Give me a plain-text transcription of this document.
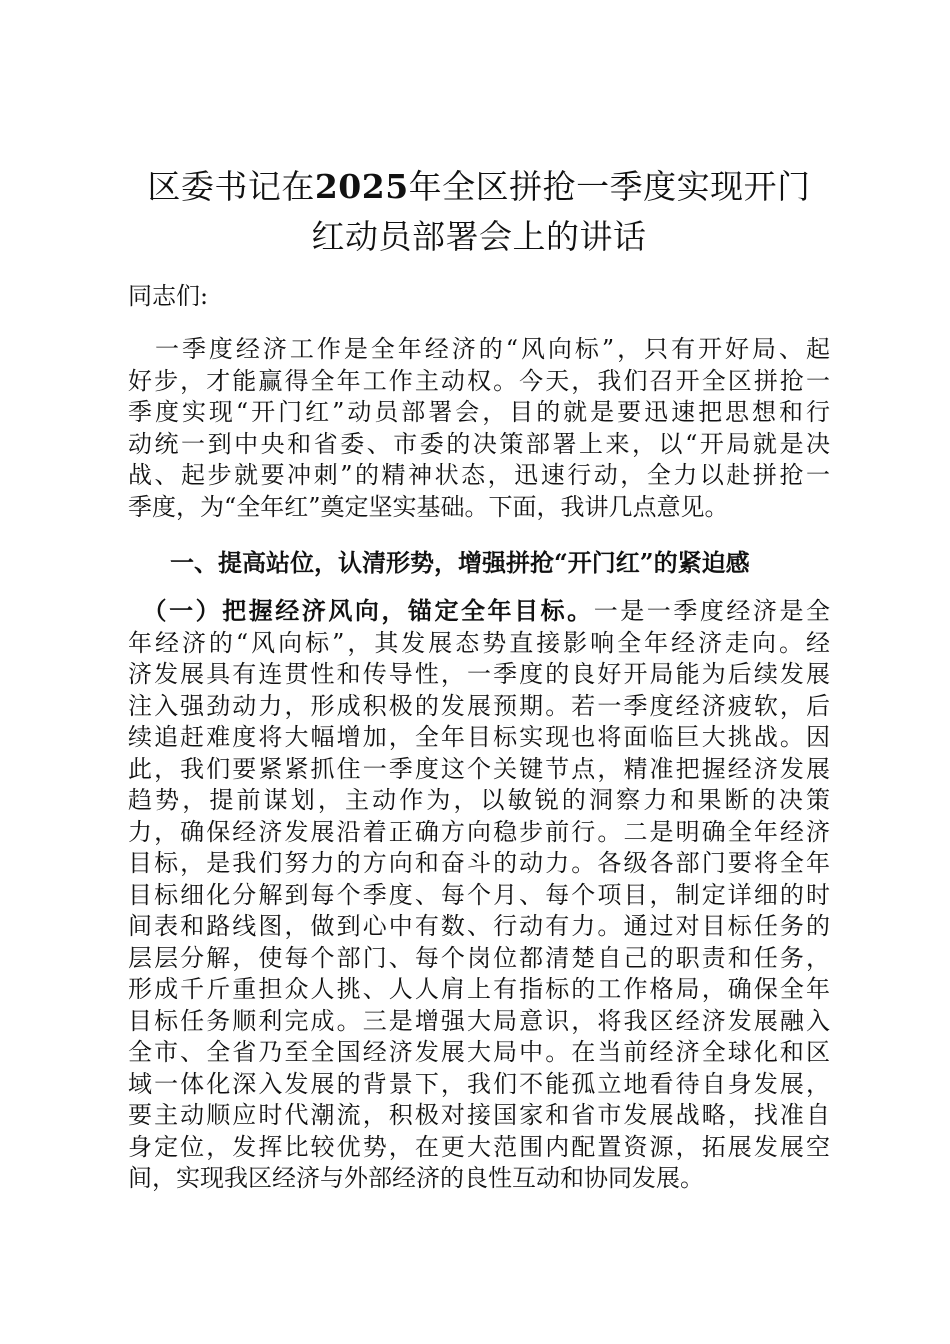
区委书记在2025年全区拼抢一季度实现开门
红动员部署会上的讲话

同志们:

　一季度经济工作是全年经济的“风向标”，只有开好局、起
好步，才能赢得全年工作主动权。今天，我们召开全区拼抢一
季度实现“开门红”动员部署会，目的就是要迅速把思想和行
动统一到中央和省委、市委的决策部署上来，以“开局就是决
战、起步就要冲刺”的精神状态，迅速行动，全力以赴拼抢一
季度，为“全年红”奠定坚实基础。下面，我讲几点意见。
一、提高站位，认清形势，增强拼抢“开门红”的紧迫感
　（一）把握经济风向，锚定全年目标。一是一季度经济是全
年经济的“风向标”，其发展态势直接影响全年经济走向。经
济发展具有连贯性和传导性，一季度的良好开局能为后续发展
注入强劲动力，形成积极的发展预期。若一季度经济疲软，后
续追赶难度将大幅增加，全年目标实现也将面临巨大挑战。因
此，我们要紧紧抓住一季度这个关键节点，精准把握经济发展
趋势，提前谋划，主动作为，以敏锐的洞察力和果断的决策
力，确保经济发展沿着正确方向稳步前行。二是明确全年经济
目标，是我们努力的方向和奋斗的动力。各级各部门要将全年
目标细化分解到每个季度、每个月、每个项目，制定详细的时
间表和路线图，做到心中有数、行动有力。通过对目标任务的
层层分解，使每个部门、每个岗位都清楚自己的职责和任务，
形成千斤重担众人挑、人人肩上有指标的工作格局，确保全年
目标任务顺利完成。三是增强大局意识，将我区经济发展融入
全市、全省乃至全国经济发展大局中。在当前经济全球化和区
域一体化深入发展的背景下，我们不能孤立地看待自身发展，
要主动顺应时代潮流，积极对接国家和省市发展战略，找准自
身定位，发挥比较优势，在更大范围内配置资源，拓展发展空
间，实现我区经济与外部经济的良性互动和协同发展。
